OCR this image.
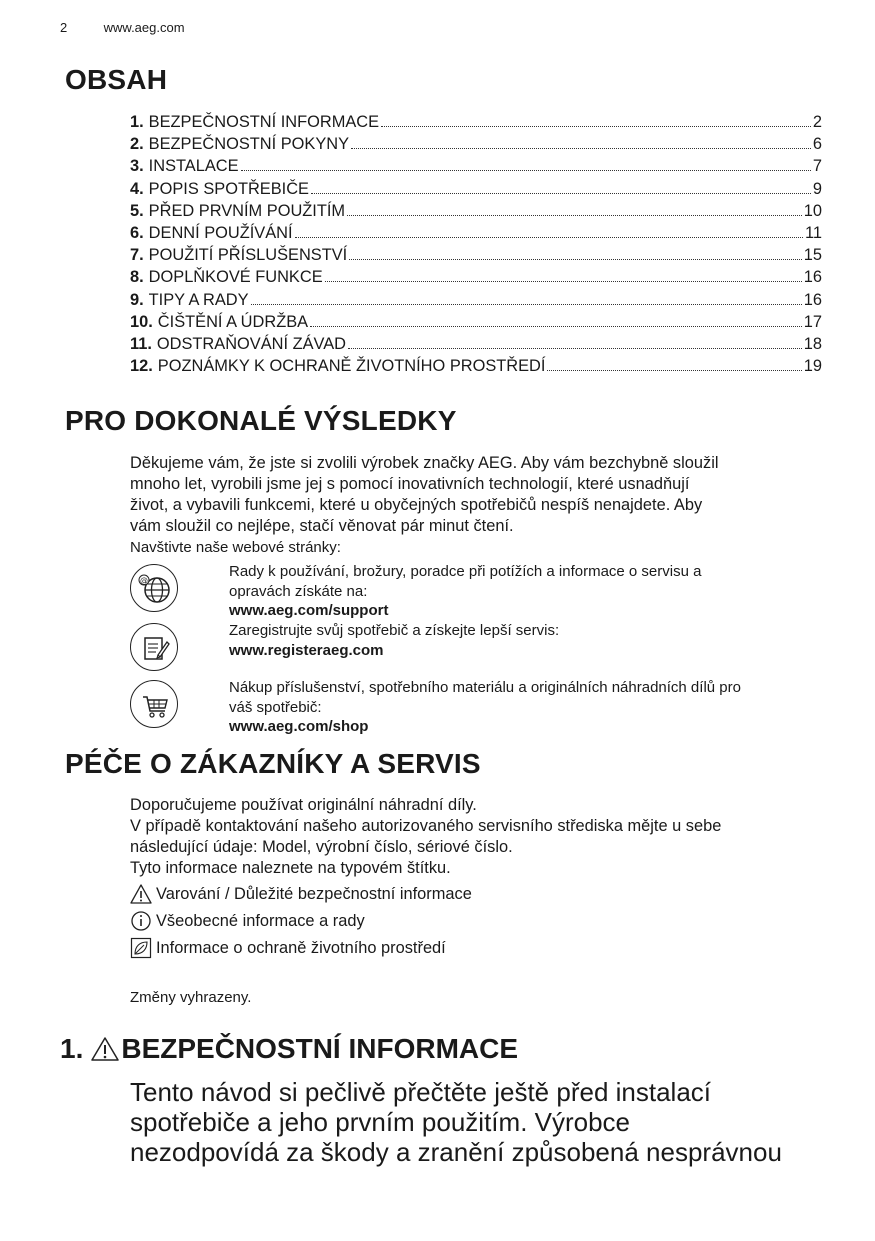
2	www.aeg.com
OBSAH
1. BEZPEČNOSTNÍ INFORMACE	2
2. BEZPEČNOSTNÍ POKYNY	6
3. INSTALACE	7
4. POPIS SPOTŘEBIČE	9
5. PŘED PRVNÍM POUŽITÍM	10
6. DENNÍ POUŽÍVÁNÍ	11
7. POUŽITÍ PŘÍSLUŠENSTVÍ	15
8. DOPLŇKOVÉ FUNKCE	16
9. TIPY A RADY	16
10. ČIŠTĚNÍ A ÚDRŽBA	17
11. ODSTRAŇOVÁNÍ ZÁVAD	18
12. POZNÁMKY K OCHRANĚ ŽIVOTNÍHO PROSTŘEDÍ	19
PRO DOKONALÉ VÝSLEDKY
Děkujeme vám, že jste si zvolili výrobek značky AEG. Aby vám bezchybně sloužil
mnoho let, vyrobili jsme jej s pomocí inovativních technologií, které usnadňují
život, a vybavili funkcemi, které u obyčejných spotřebičů nespíš nenajdete. Aby
vám sloužil co nejlépe, stačí věnovat pár minut čtení.
Navštivte naše webové stránky:
@
Rady k používání, brožury, poradce při potížích a informace o servisu a
opravách získáte na:
www.aeg.com/support
Zaregistrujte svůj spotřebič a získejte lepší servis:
www.registeraeg.com
Nákup příslušenství, spotřebního materiálu a originálních náhradních dílů pro
váš spotřebič:
www.aeg.com/shop
PÉČE O ZÁKAZNÍKY A SERVIS
Doporučujeme používat originální náhradní díly.
V případě kontaktování našeho autorizovaného servisního střediska mějte u sebe
následující údaje: Model, výrobní číslo, sériové číslo.
Tyto informace naleznete na typovém štítku.
Varování / Důležité bezpečnostní informace
Všeobecné informace a rady
Informace o ochraně životního prostředí
Změny vyhrazeny.
1. BEZPEČNOSTNÍ INFORMACE
Tento návod si pečlivě přečtěte ještě před instalací
spotřebiče a jeho prvním použitím. Výrobce
nezodpovídá za škody a zranění způsobená nesprávnou
